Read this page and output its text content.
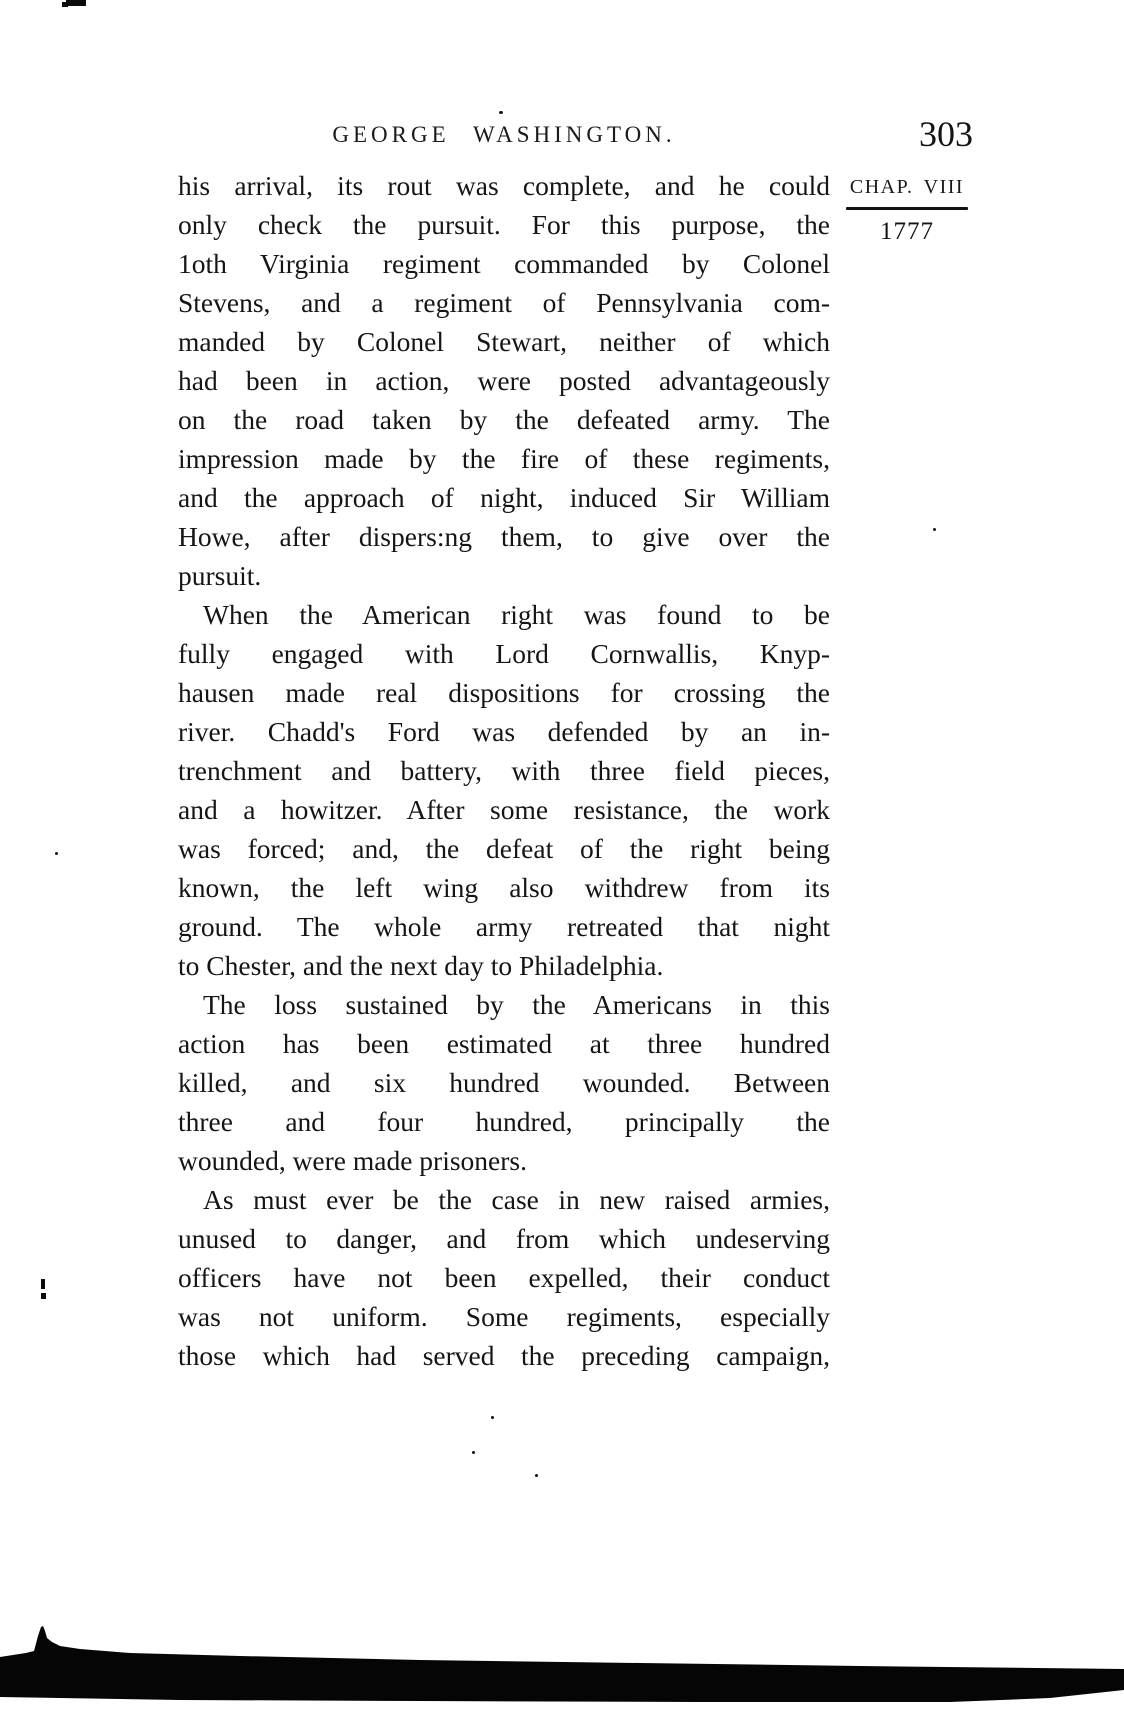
GEORGE WASHINGTON.	303
CHAP. VIII
1777
his arrival, its rout was complete, and he could
only check the pursuit. For this purpose, the
1oth Virginia regiment commanded by Colonel
Stevens, and a regiment of Pennsylvania com-
manded by Colonel Stewart, neither of which
had been in action, were posted advantageously
on the road taken by the defeated army. The
impression made by the fire of these regiments,
and the approach of night, induced Sir William
Howe, after dispers:ng them, to give over the
pursuit.
When the American right was found to be
fully engaged with Lord Cornwallis, Knyp-
hausen made real dispositions for crossing the
river. Chadd's Ford was defended by an in-
trenchment and battery, with three field pieces,
and a howitzer. After some resistance, the work
was forced; and, the defeat of the right being
known, the left wing also withdrew from its
ground. The whole army retreated that night
to Chester, and the next day to Philadelphia.
The loss sustained by the Americans in this
action has been estimated at three hundred
killed, and six hundred wounded. Between
three and four hundred, principally the
wounded, were made prisoners.
As must ever be the case in new raised armies,
unused to danger, and from which undeserving
officers have not been expelled, their conduct
was not uniform. Some regiments, especially
those which had served the preceding campaign,
